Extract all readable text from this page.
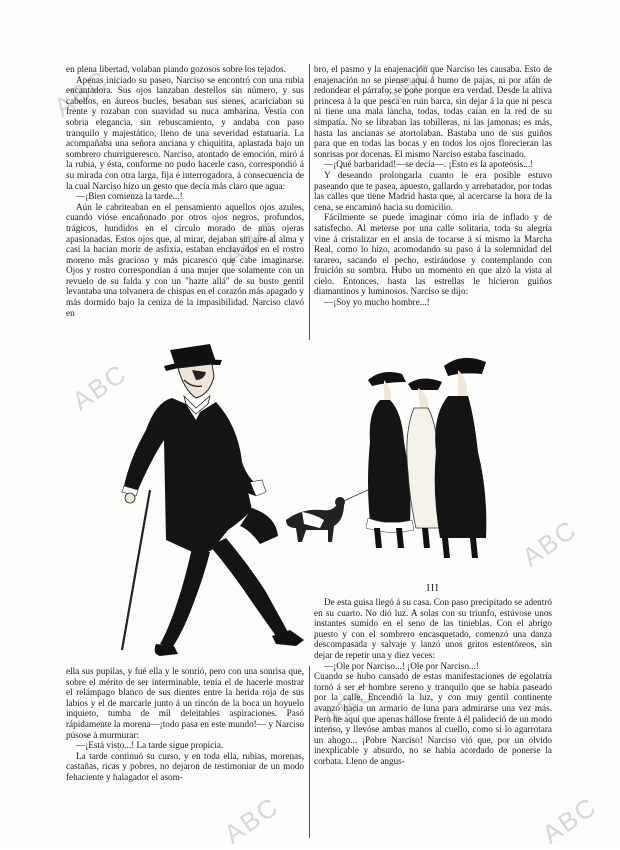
ABC	ABC
ABC
ABC
ABC
ABC
ABC	ABC

en plena libertad, volaban piando gozosos sobre los tejados.

Apenas iniciado su paseo, Narciso se encontró con una rubia encantadora. Sus ojos lanzaban destellos sin número, y sus cabellos, en áureos bucles, besaban sus sienes, acariciaban su frente y rozaban con suavidad su nuca ambarina. Vestía con sobria elegancia, sin rebuscamiento, y andaba con paso tranquilo y majestático, lleno de una severidad estatuaria. La acompañaba una señora anciana y chiquitita, aplastada bajo un sombrero churrigueresco. Narciso, atontado de emoción, miró á la rubia, y ésta, conforme no pudo hacerle caso, correspondió á su mirada con otra larga, fija é interrogadora, á consecuencia de la cual Narciso hizo un gesto que decía más claro que agua:

—¡Bien comienza la tarde...!

Aún le cabriteaban en el pensamiento aquellos ojos azules, cuando vióse encañonado por otros ojos negros, profundos, trágicos, hundidos en el círculo morado de unas ojeras apasionadas. Estos ojos que, al mirar, dejaban sin aire al alma y casi la hacían morir de asfixia, estaban enclavados en el rostro moreno más gracioso y más picaresco que cabe imaginarse. Ojos y rostro correspondían á una mujer que solamente con un revuelo de su falda y con un "hazte allá" de su busto gentil levantaba una tolvanera de chispas en el corazón más apagado y más dormido bajo la ceniza de la impasibilidad. Narciso clavó en

bro, el pasmo y la enajenación que Narciso les causaba. Esto de enajenación no se piense aquí á humo de pajas, ni por afán de redondear el párrafo; se pone porque era verdad. Desde la altiva princesa á la que pesca en ruin barca, sin dejar á la que ni pesca ni tiene una mala lancha, todas, todas caían en la red de su simpatía. No se libraban las tobilleras, ni las jamonas; es más, hasta las ancianas se atortolaban. Bastaba uno de sus guiños para que en todas las bocas y en todos los ojos florecieran las sonrisas por docenas. El mismo Narciso estaba fascinado.

—¡Qué barbaridad!—se decía—. ¡Esto es la apoteosis...!

Y deseando prolongarla cuanto le era posible estuvo paseando que te pasea, apuesto, gallardo y arrebatador, por todas las calles que tiene Madrid hasta que, al acercarse la hora de la cena, se encaminó hacia su domicilio.

Fácilmente se puede imaginar cómo iría de inflado y de satisfecho. Al meterse por una calle solitaria, toda su alegría vine á cristalizar en el ansia de tocarse á sí mismo la Marcha Real, como lo hizo, acomodando su paso á la solemnidad del tarareo, sacando el pecho, estirándose y contemplando con fruición su sombra. Hubo un momento en que alzó la vista al cielo. Entonces, hasta las estrellas le hicieron guiños diamantinos y luminosos. Narciso se dijo:

—¡Soy yo mucho hombre...!

III

De esta guisa llegó á su casa. Con paso precipitado se adentró en su cuarto. No dió luz. A solas con su triunfo, estúvose unos instantes sumido en el seno de las tinieblas. Con el abrigo puesto y con el sombrero encasquetado, comenzó una danza descompasada y salvaje y lanzó unos gritos estentóreos, sin dejar de repetir una y diez veces:

—¡Ole por Narciso...! ¡Ole por Narciso...!

Cuando se hubo cansado de estas manifestaciones de egolatría tornó á ser el hombre sereno y tranquilo que se había paseado por la calle. Encendió la luz, y con muy gentil continente avanzó hacia un armario de luna para admirarse una vez más. Pero he aquí que apenas hállose frente á él palideció de un modo intenso, y llevóse ambas manos al cuello, como si lo agarrotara un ahogo... ¡Pobre Narciso! Narciso vió que, por un olvido inexplicable y absurdo, no se había acordado de ponerse la corbata. Lleno de angus-

ella sus pupilas, y fué ella y le sonrió, pero con una sonrisa que, sobre el mérito de ser interminable, tenía el de hacerle mostrar el relámpago blanco de sus dientes entre la herida roja de sus labios y el de marcarle junto á un rincón de la boca un hoyuelo inquieto, tumba de mil deleitables aspiraciones. Pasó rápidamente la morena—¡todo pasa en este mundo!— y Narciso púsose á murmurar:

—¡Está visto...! La tarde sigue propicia.

La tarde continuó su curso, y en toda ella, rubias, morenas, castañas, ricas y pobres, no dejaron de testimoniar de un modo fehaciente y halagador el asom-
